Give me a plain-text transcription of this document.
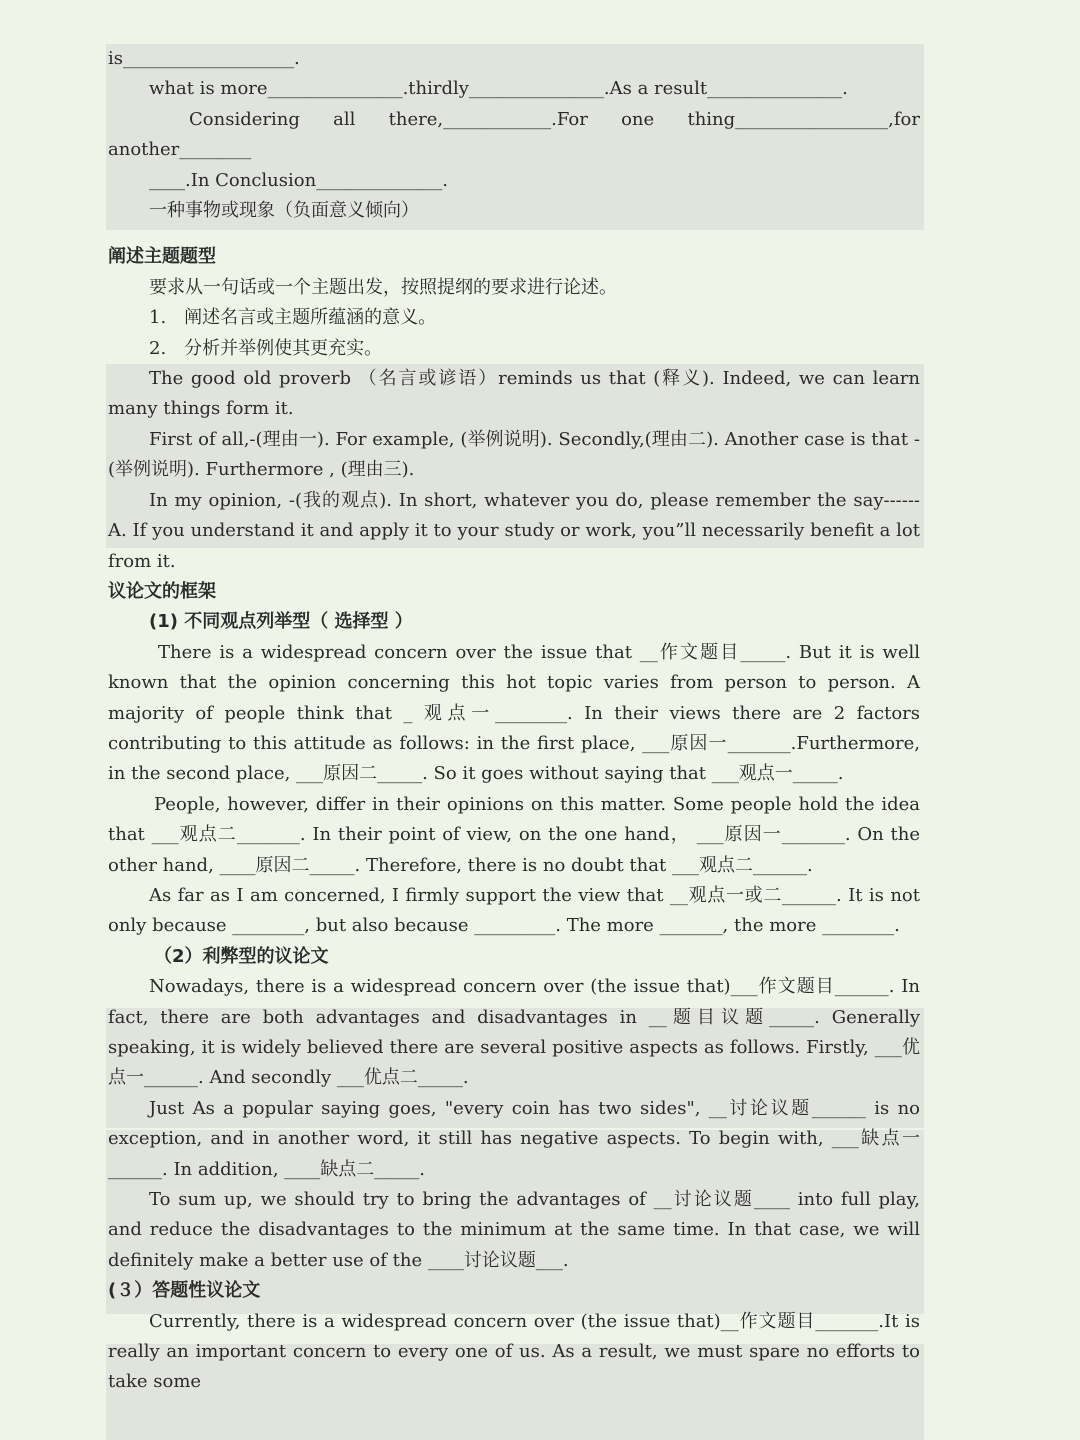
is___________________.

what is more_______________.thirdly_______________.As a result_______________.

Considering all there,____________.For one thing_________________,for another________

____.In Conclusion______________.

一种事物或现象（负面意义倾向）

阐述主题题型

要求从一句话或一个主题出发，按照提纲的要求进行论述。

1.　阐述名言或主题所蕴涵的意义。

2.　分析并举例使其更充实。

The good old proverb （名言或谚语）reminds us that (释义). Indeed, we can learn many things form it.

First of all,-(理由一). For example, (举例说明). Secondly,(理由二). Another case is that -(举例说明). Furthermore , (理由三).

In my opinion, -(我的观点). In short, whatever you do, please remember the say------A. If you understand it and apply it to your study or work, you”ll necessarily benefit a lot from it.

议论文的框架

(1) 不同观点列举型（ 选择型 ）

There is a widespread concern over the issue that __作文题目_____. But it is well known that the opinion concerning this hot topic varies from person to person. A majority of people think that _ 观点一________. In their views there are 2 factors contributing to this attitude as follows: in the first place, ___原因一_______.Furthermore, in the second place, ___原因二_____. So it goes without saying that ___观点一_____.

People, however, differ in their opinions on this matter. Some people hold the idea that ___观点二_______. In their point of view, on the one hand， ___原因一_______. On the other hand, ____原因二_____. Therefore, there is no doubt that ___观点二______.

As far as I am concerned, I firmly support the view that __观点一或二______. It is not only because ________, but also because _________. The more _______, the more ________.

（2）利弊型的议论文

Nowadays, there is a widespread concern over (the issue that)___作文题目______. In fact, there are both advantages and disadvantages in __题目议题_____. Generally speaking, it is widely believed there are several positive aspects as follows. Firstly, ___优点一______. And secondly ___优点二_____.

Just As a popular saying goes, "every coin has two sides", __讨论议题______ is no exception, and in another word, it still has negative aspects. To begin with, ___缺点一______. In addition, ____缺点二_____.

To sum up, we should try to bring the advantages of __讨论议题____ into full play, and reduce the disadvantages to the minimum at the same time. In that case, we will definitely make a better use of the ____讨论议题___.

(３）答题性议论文

Currently, there is a widespread concern over (the issue that)__作文题目_______.It is really an important concern to every one of us. As a result, we must spare no efforts to take some
